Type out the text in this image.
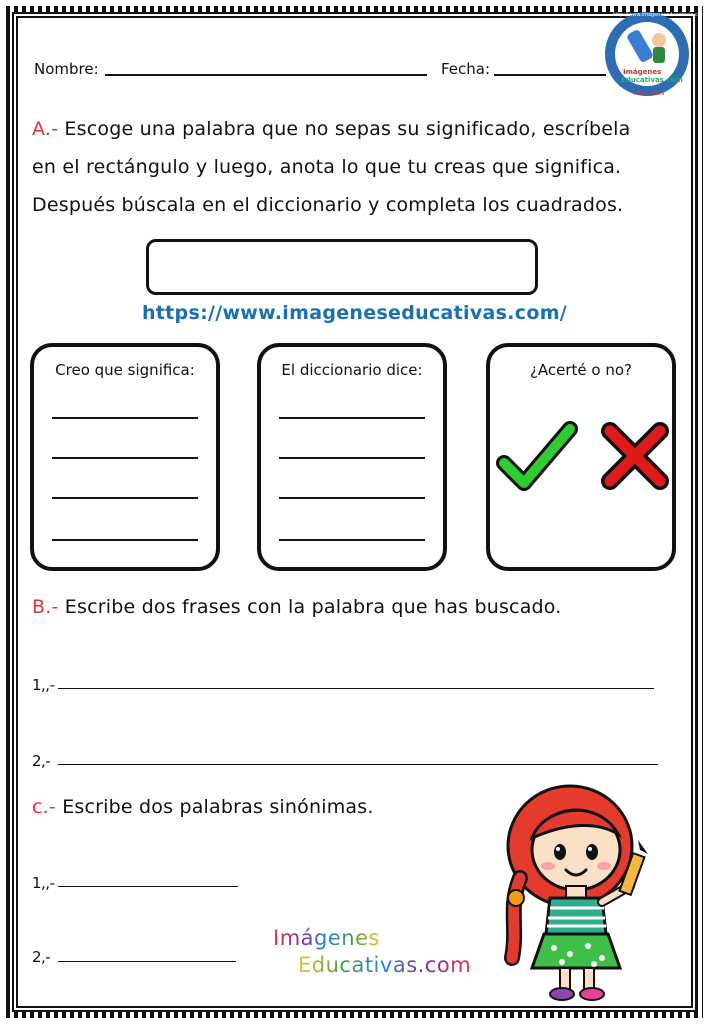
Nombre:	Fecha:	Imágenes
Educativas.com
Materiales
http://www.imageneseducativas.com/
A.- Escoge una palabra que no sepas su significado, escríbela
en el rectángulo y luego, anota lo que tu creas que significa.
Después búscala en el diccionario y completa los cuadrados.
https://www.imageneseducativas.com/
Creo que significa:	El diccionario dice:	¿Acerté o no?
B.- Escribe dos frases con la palabra que has buscado.
1,,-
2,-
c.- Escribe dos palabras sinónimas.
1,,-
2,-
Imágenes
Educativas.com
